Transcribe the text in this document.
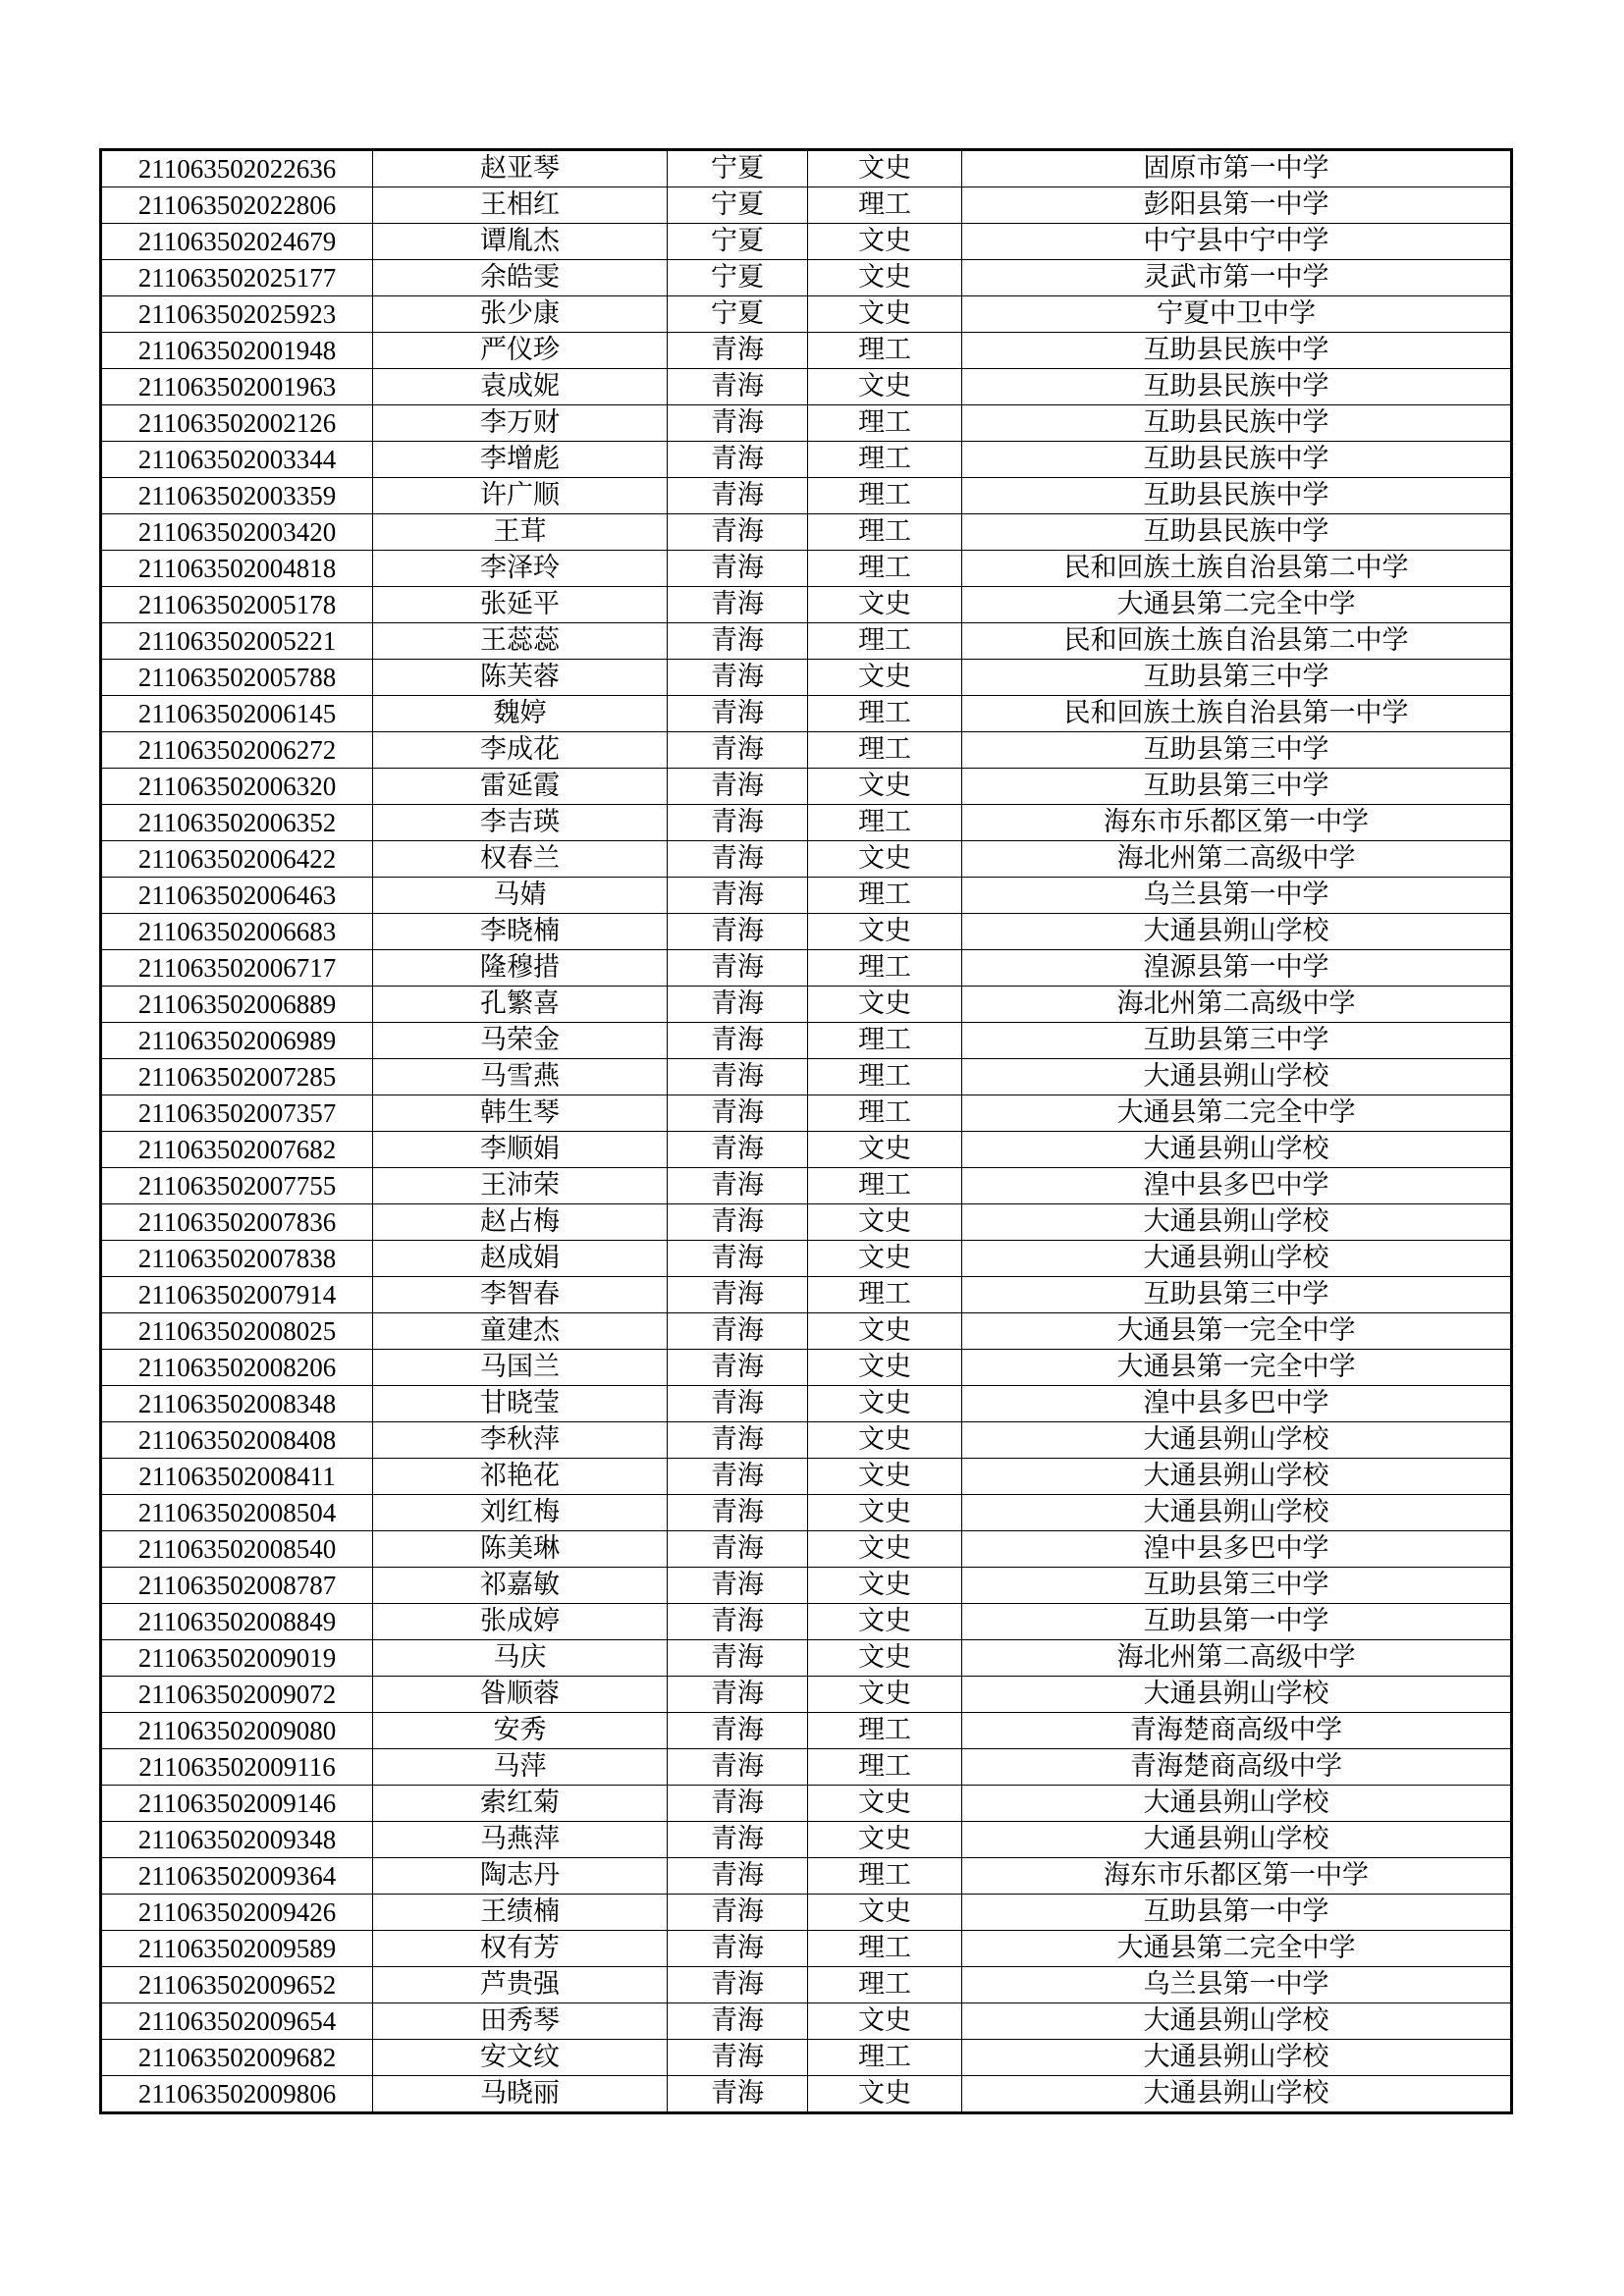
211063502022636	赵亚琴	宁夏	文史	固原市第一中学
211063502022806	王相红	宁夏	理工	彭阳县第一中学
211063502024679	谭胤杰	宁夏	文史	中宁县中宁中学
211063502025177	余皓雯	宁夏	文史	灵武市第一中学
211063502025923	张少康	宁夏	文史	宁夏中卫中学
211063502001948	严仪珍	青海	理工	互助县民族中学
211063502001963	袁成妮	青海	文史	互助县民族中学
211063502002126	李万财	青海	理工	互助县民族中学
211063502003344	李增彪	青海	理工	互助县民族中学
211063502003359	许广顺	青海	理工	互助县民族中学
211063502003420	王茸	青海	理工	互助县民族中学
211063502004818	李泽玲	青海	理工	民和回族土族自治县第二中学
211063502005178	张延平	青海	文史	大通县第二完全中学
211063502005221	王蕊蕊	青海	理工	民和回族土族自治县第二中学
211063502005788	陈芙蓉	青海	文史	互助县第三中学
211063502006145	魏婷	青海	理工	民和回族土族自治县第一中学
211063502006272	李成花	青海	理工	互助县第三中学
211063502006320	雷延霞	青海	文史	互助县第三中学
211063502006352	李吉瑛	青海	理工	海东市乐都区第一中学
211063502006422	权春兰	青海	文史	海北州第二高级中学
211063502006463	马婧	青海	理工	乌兰县第一中学
211063502006683	李晓楠	青海	文史	大通县朔山学校
211063502006717	隆穆措	青海	理工	湟源县第一中学
211063502006889	孔繁喜	青海	文史	海北州第二高级中学
211063502006989	马荣金	青海	理工	互助县第三中学
211063502007285	马雪燕	青海	理工	大通县朔山学校
211063502007357	韩生琴	青海	理工	大通县第二完全中学
211063502007682	李顺娟	青海	文史	大通县朔山学校
211063502007755	王沛荣	青海	理工	湟中县多巴中学
211063502007836	赵占梅	青海	文史	大通县朔山学校
211063502007838	赵成娟	青海	文史	大通县朔山学校
211063502007914	李智春	青海	理工	互助县第三中学
211063502008025	童建杰	青海	文史	大通县第一完全中学
211063502008206	马国兰	青海	文史	大通县第一完全中学
211063502008348	甘晓莹	青海	文史	湟中县多巴中学
211063502008408	李秋萍	青海	文史	大通县朔山学校
211063502008411	祁艳花	青海	文史	大通县朔山学校
211063502008504	刘红梅	青海	文史	大通县朔山学校
211063502008540	陈美琳	青海	文史	湟中县多巴中学
211063502008787	祁嘉敏	青海	文史	互助县第三中学
211063502008849	张成婷	青海	文史	互助县第一中学
211063502009019	马庆	青海	文史	海北州第二高级中学
211063502009072	昝顺蓉	青海	文史	大通县朔山学校
211063502009080	安秀	青海	理工	青海楚商高级中学
211063502009116	马萍	青海	理工	青海楚商高级中学
211063502009146	索红菊	青海	文史	大通县朔山学校
211063502009348	马燕萍	青海	文史	大通县朔山学校
211063502009364	陶志丹	青海	理工	海东市乐都区第一中学
211063502009426	王绩楠	青海	文史	互助县第一中学
211063502009589	权有芳	青海	理工	大通县第二完全中学
211063502009652	芦贵强	青海	理工	乌兰县第一中学
211063502009654	田秀琴	青海	文史	大通县朔山学校
211063502009682	安文纹	青海	理工	大通县朔山学校
211063502009806	马晓丽	青海	文史	大通县朔山学校
